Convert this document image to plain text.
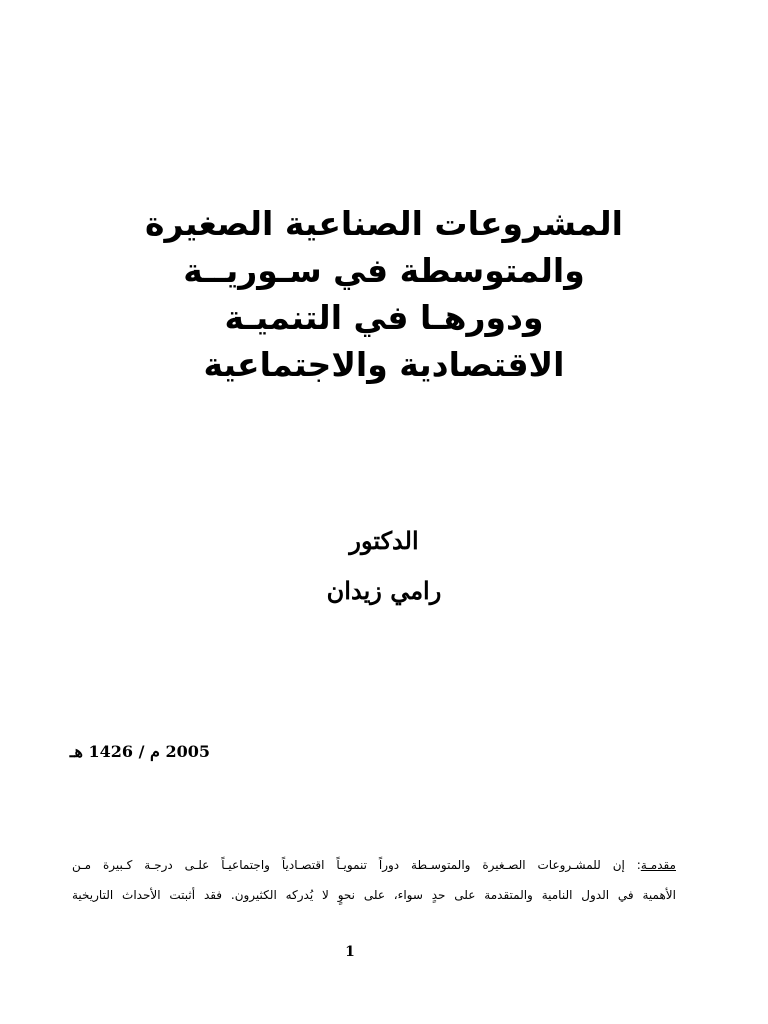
المشروعات الصناعية الصغيرة
والمتوسطة في سـوريــة
ودورهـا في التنميـة
الاقتصادية والاجتماعية
الدكتور
رامي زيدان
2005 م / 1426 هـ
مقدمـة: إن للمشـروعات الصـغيرة والمتوسـطة دوراً تنمويـاً اقتصـادياً واجتماعيـاً علـى درجـة كـبيرة مـن
الأهمية في الدول النامية والمتقدمة على حدٍ سواء، على نحوٍ لا يُدركه الكثيرون. فقد أثبتت الأحداث التاريخية
1
